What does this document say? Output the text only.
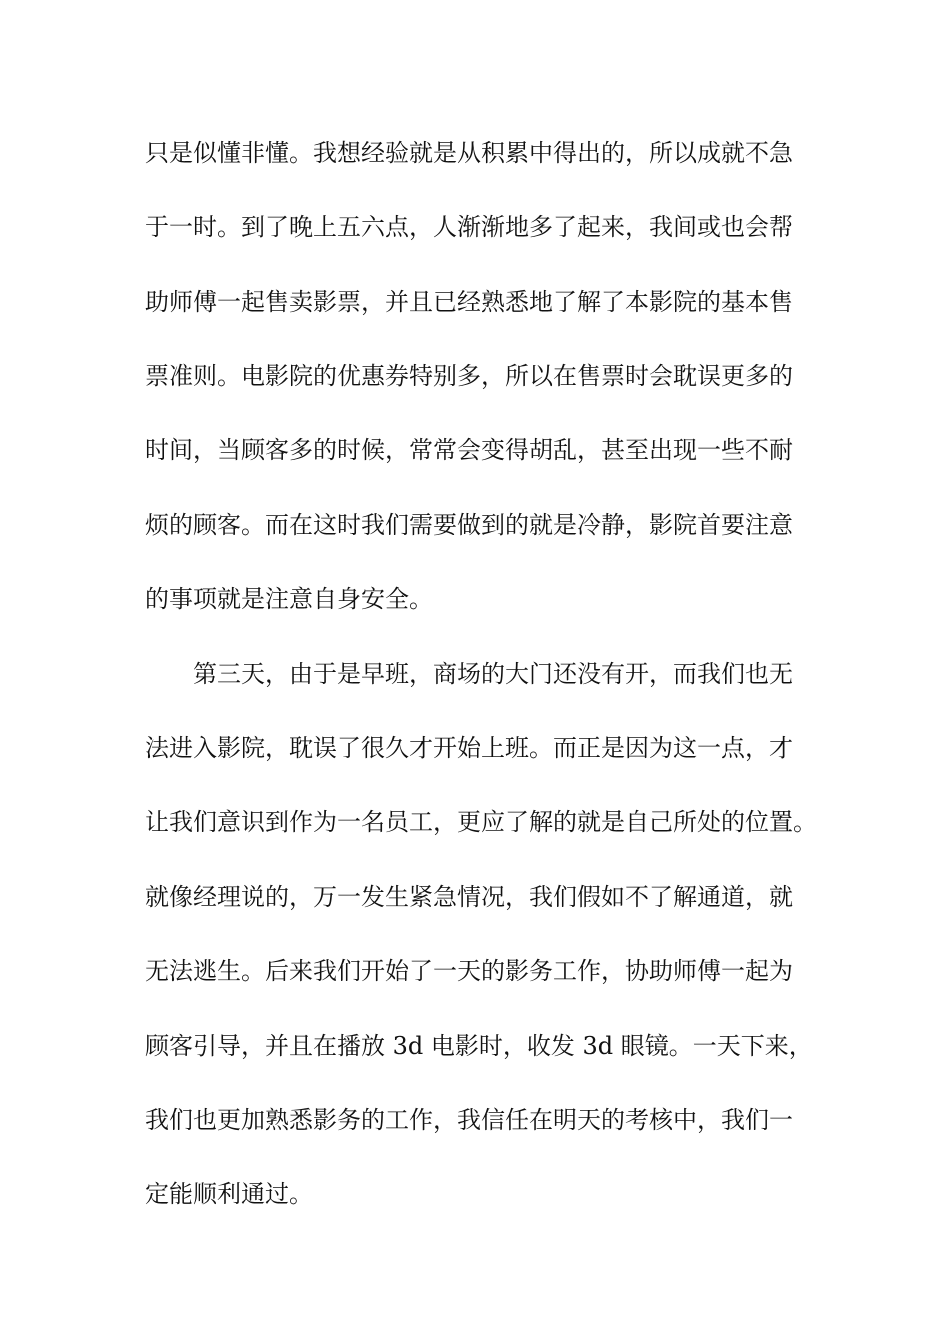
只是似懂非懂。我想经验就是从积累中得出的，所以成就不急
于一时。到了晚上五六点，人渐渐地多了起来，我间或也会帮
助师傅一起售卖影票，并且已经熟悉地了解了本影院的基本售
票准则。电影院的优惠券特别多，所以在售票时会耽误更多的
时间，当顾客多的时候，常常会变得胡乱，甚至出现一些不耐
烦的顾客。而在这时我们需要做到的就是冷静，影院首要注意
的事项就是注意自身安全。
第三天，由于是早班，商场的大门还没有开，而我们也无
法进入影院，耽误了很久才开始上班。而正是因为这一点，才
让我们意识到作为一名员工，更应了解的就是自己所处的位置。
就像经理说的，万一发生紧急情况，我们假如不了解通道，就
无法逃生。后来我们开始了一天的影务工作，协助师傅一起为
顾客引导，并且在播放 3d 电影时，收发 3d 眼镜。一天下来，
我们也更加熟悉影务的工作，我信任在明天的考核中，我们一
定能顺利通过。
